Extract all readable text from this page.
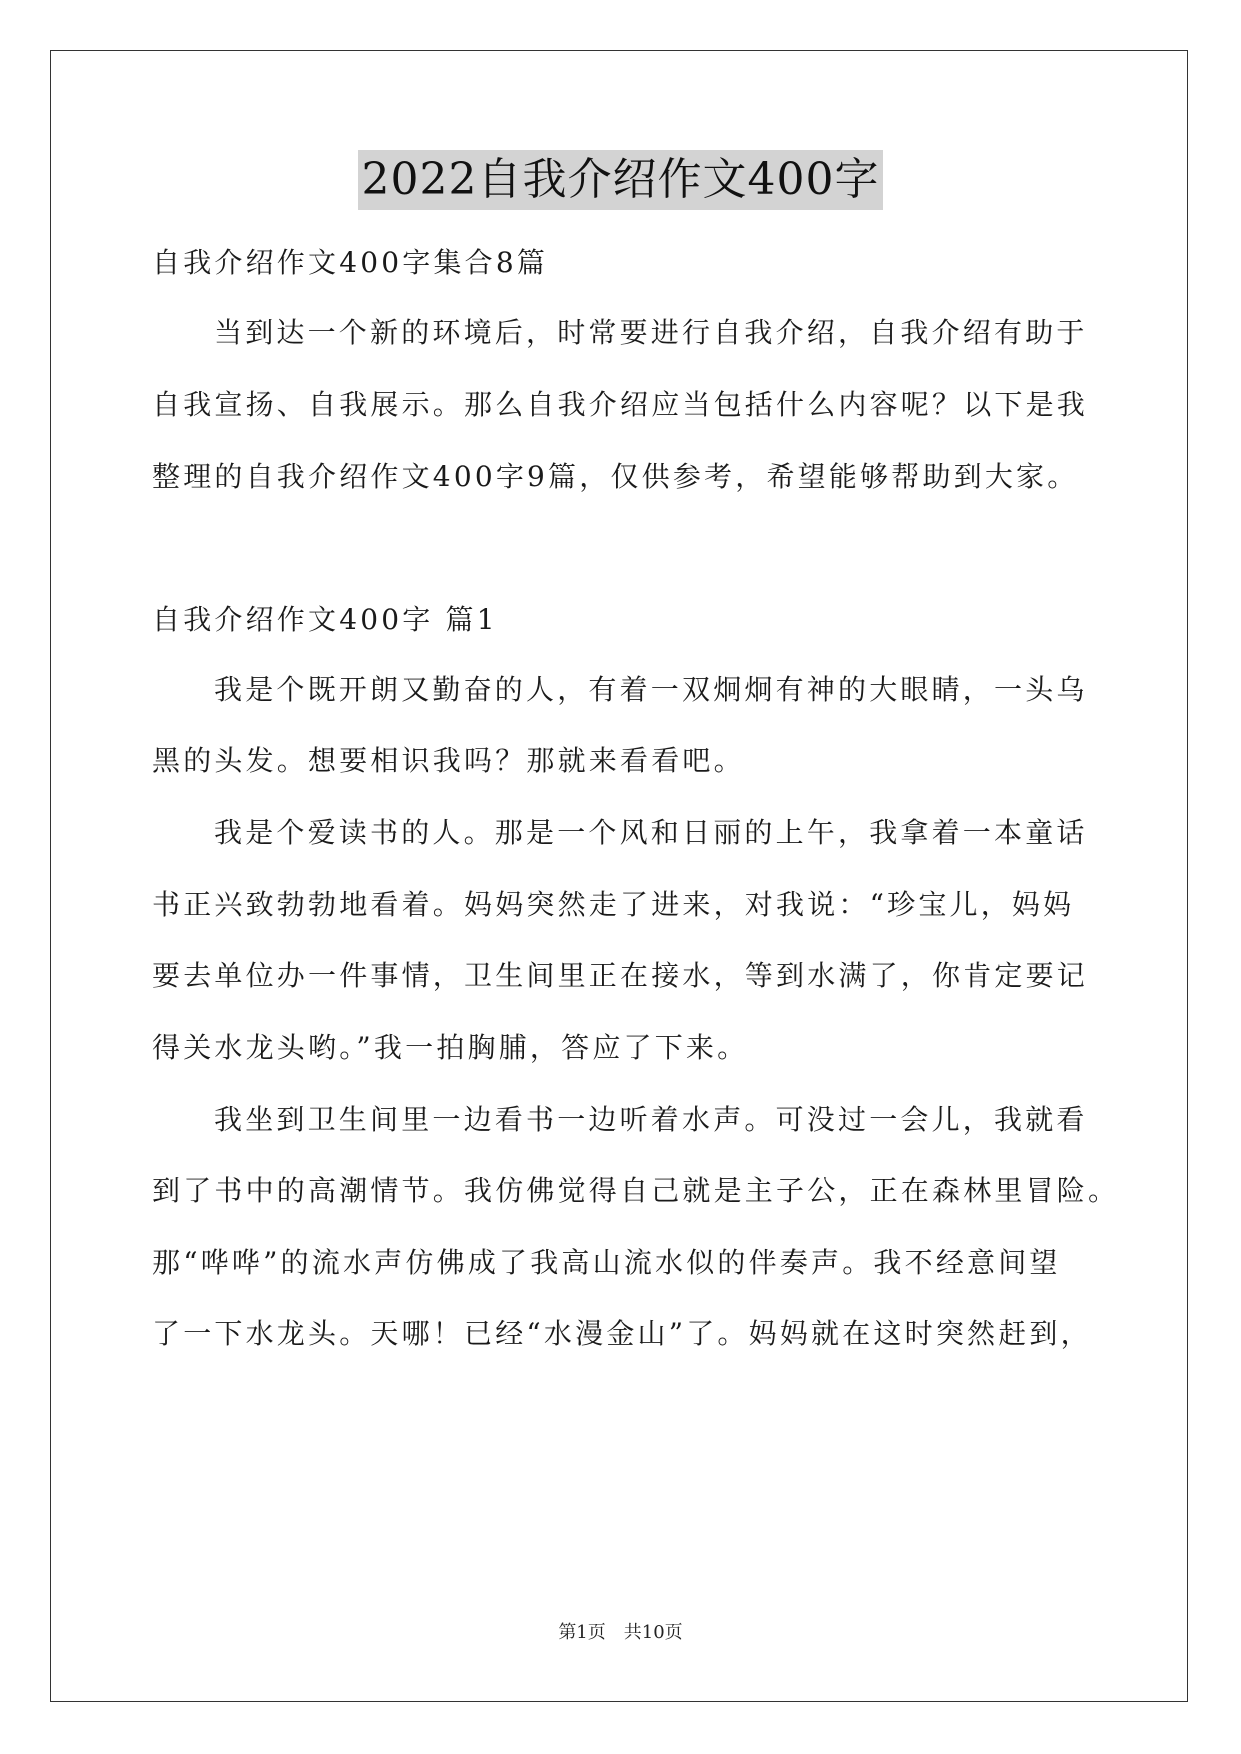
2022自我介绍作文400字
自我介绍作文400字集合8篇
当到达一个新的环境后，时常要进行自我介绍，自我介绍有助于
自我宣扬、自我展示。那么自我介绍应当包括什么内容呢？以下是我
整理的自我介绍作文400字9篇，仅供参考，希望能够帮助到大家。
自我介绍作文400字 篇1
我是个既开朗又勤奋的人，有着一双炯炯有神的大眼睛，一头乌
黑的头发。想要相识我吗？那就来看看吧。
我是个爱读书的人。那是一个风和日丽的上午，我拿着一本童话
书正兴致勃勃地看着。妈妈突然走了进来，对我说：“珍宝儿，妈妈
要去单位办一件事情，卫生间里正在接水，等到水满了，你肯定要记
得关水龙头哟。”我一拍胸脯，答应了下来。
我坐到卫生间里一边看书一边听着水声。可没过一会儿，我就看
到了书中的高潮情节。我仿佛觉得自己就是主子公，正在森林里冒险。
那“哗哗”的流水声仿佛成了我高山流水似的伴奏声。我不经意间望
了一下水龙头。天哪！已经“水漫金山”了。妈妈就在这时突然赶到，
第1页　共10页
